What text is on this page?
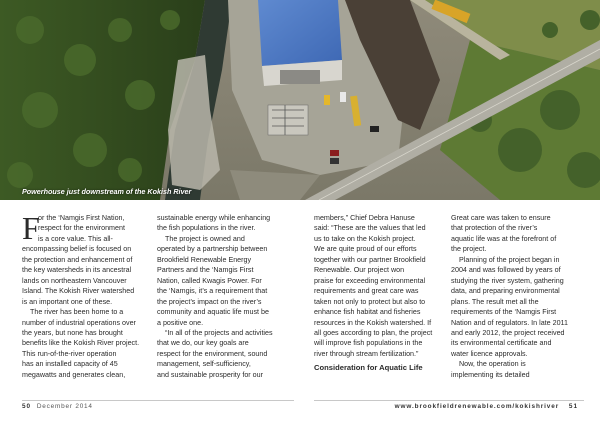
Powerhouse just downstream of the Kokish River
F
or the ‘Namgis First Nation,
respect for the environment
is a core value. This all-
encompassing belief is focused on
the protection and enhancement of
the key watersheds in its ancestral
lands on northeastern Vancouver
Island. The Kokish River watershed
is an important one of these.
The river has been home to a
number of industrial operations over
the years, but none has brought
benefits like the Kokish River project.
This run-of-the-river operation
has an installed capacity of 45
megawatts and generates clean,
sustainable energy while enhancing
the fish populations in the river.
The project is owned and
operated by a partnership between
Brookfield Renewable Energy
Partners and the ‘Namgis First
Nation, called Kwagis Power. For
the ‘Namgis, it’s a requirement that
the project’s impact on the river’s
community and aquatic life must be
a positive one.
“In all of the projects and activities
that we do, our key goals are
respect for the environment, sound
management, self-sufficiency,
and sustainable prosperity for our
members,” Chief Debra Hanuse
said: “These are the values that led
us to take on the Kokish project.
We are quite proud of our efforts
together with our partner Brookfield
Renewable. Our project won
praise for exceeding environmental
requirements and great care was
taken not only to protect but also to
enhance fish habitat and fisheries
resources in the Kokish watershed. If
all goes according to plan, the project
will improve fish populations in the
river through stream fertilization.”
Consideration for Aquatic Life
Great care was taken to ensure
that protection of the river’s
aquatic life was at the forefront of
the project.
Planning of the project began in
2004 and was followed by years of
studying the river system, gathering
data, and preparing environmental
plans. The result met all the
requirements of the ‘Namgis First
Nation and of regulators. In late 2011
and early 2012, the project received
its environmental certificate and
water licence approvals.
Now, the operation is
implementing its detailed
50 December 2014	www.brookfieldrenewable.com/kokishriver 51
